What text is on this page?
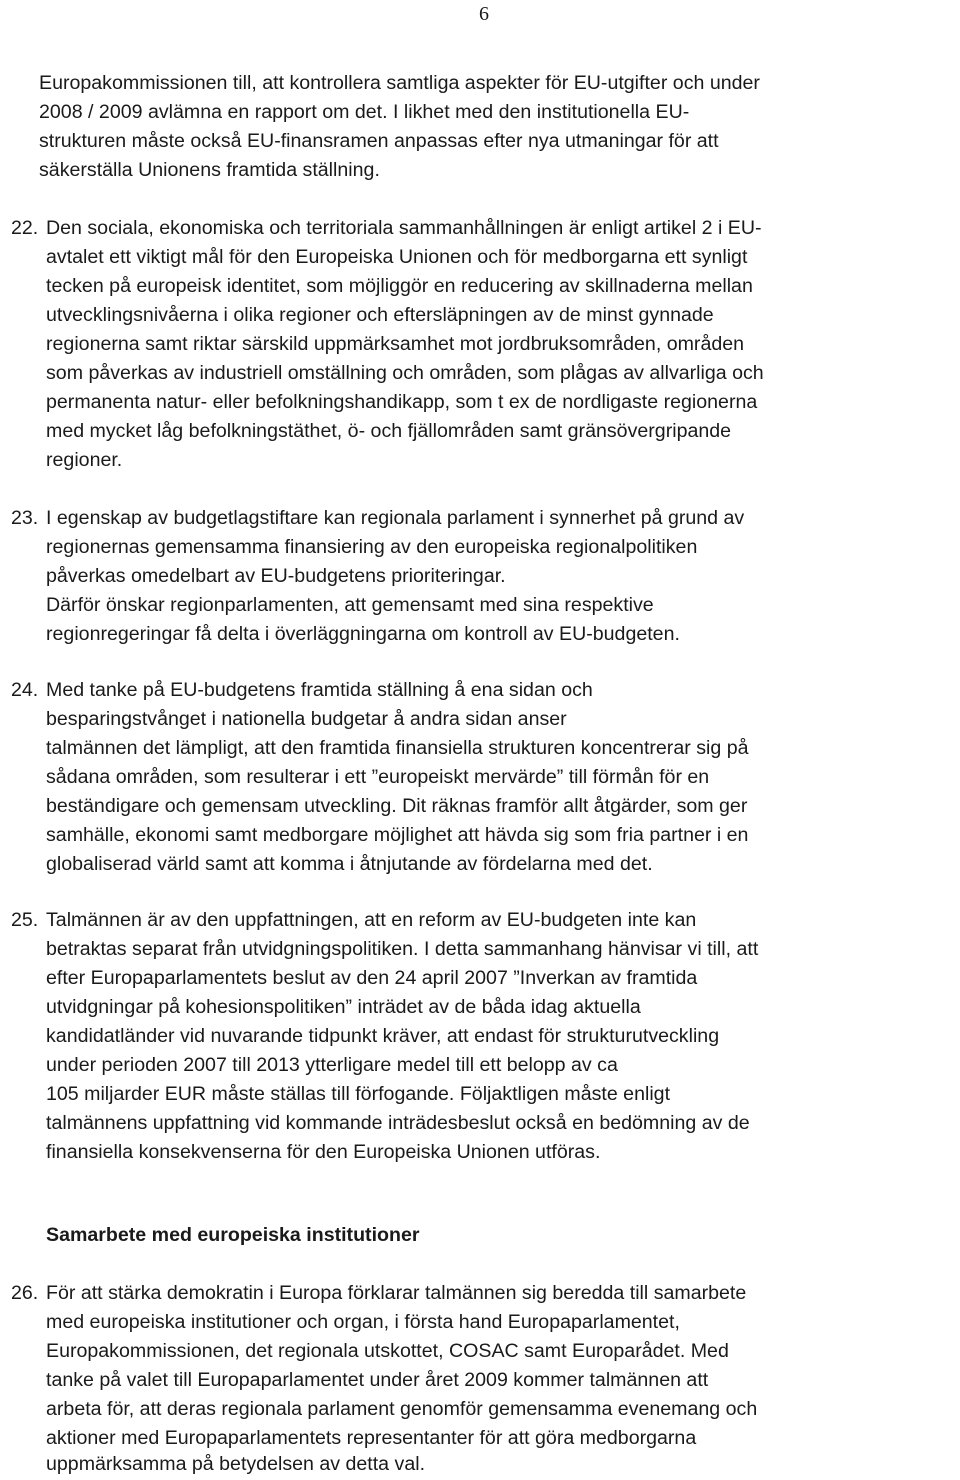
6
Europakommissionen till, att kontrollera samtliga aspekter för EU-utgifter och under
2008 / 2009 avlämna en rapport om det. I likhet med den institutionella EU-
strukturen måste också EU-finansramen anpassas efter nya utmaningar för att
säkerställa Unionens framtida ställning.
22. Den sociala, ekonomiska och territoriala sammanhållningen är enligt artikel 2 i EU-
avtalet ett viktigt mål för den Europeiska Unionen och för medborgarna ett synligt
tecken på europeisk identitet, som möjliggör en reducering av skillnaderna mellan
utvecklingsnivåerna i olika regioner och eftersläpningen av de minst gynnade
regionerna samt riktar särskild uppmärksamhet mot jordbruksområden, områden
som påverkas av industriell omställning och områden, som plågas av allvarliga och
permanenta natur- eller befolkningshandikapp, som t ex de nordligaste regionerna
med mycket låg befolkningstäthet, ö- och fjällområden samt gränsövergripande
regioner.
23. I egenskap av budgetlagstiftare kan regionala parlament i synnerhet på grund av
regionernas gemensamma finansiering av den europeiska regionalpolitiken
påverkas omedelbart av EU-budgetens prioriteringar.
Därför önskar regionparlamenten, att gemensamt med sina respektive
regionregeringar få delta i överläggningarna om kontroll av EU-budgeten.
24. Med tanke på EU-budgetens framtida ställning å ena sidan och
besparingstvånget i nationella budgetar å andra sidan anser
talmännen det lämpligt, att den framtida finansiella strukturen koncentrerar sig på
sådana områden, som resulterar i ett ”europeiskt mervärde” till förmån för en
beständigare och gemensam utveckling. Dit räknas framför allt åtgärder, som ger
samhälle, ekonomi samt medborgare möjlighet att hävda sig som fria partner i en
globaliserad värld samt att komma i åtnjutande av fördelarna med det.
25. Talmännen är av den uppfattningen, att en reform av EU-budgeten inte kan
betraktas separat från utvidgningspolitiken. I detta sammanhang hänvisar vi till, att
efter Europaparlamentets beslut av den 24 april 2007 ”Inverkan av framtida
utvidgningar på kohesionspolitiken” inträdet av de båda idag aktuella
kandidatländer vid nuvarande tidpunkt kräver, att endast för strukturutveckling
under perioden 2007 till 2013 ytterligare medel till ett belopp av ca
105 miljarder EUR måste ställas till förfogande. Följaktligen måste enligt
talmännens uppfattning vid kommande inträdesbeslut också en bedömning av de
finansiella konsekvenserna för den Europeiska Unionen utföras.
Samarbete med europeiska institutioner
26. För att stärka demokratin i Europa förklarar talmännen sig beredda till samarbete
med europeiska institutioner och organ, i första hand Europaparlamentet,
Europakommissionen, det regionala utskottet, COSAC samt Europarådet. Med
tanke på valet till Europaparlamentet under året 2009 kommer talmännen att
arbeta för, att deras regionala parlament genomför gemensamma evenemang och
aktioner med Europaparlamentets representanter för att göra medborgarna
uppmärksamma på betydelsen av detta val.
